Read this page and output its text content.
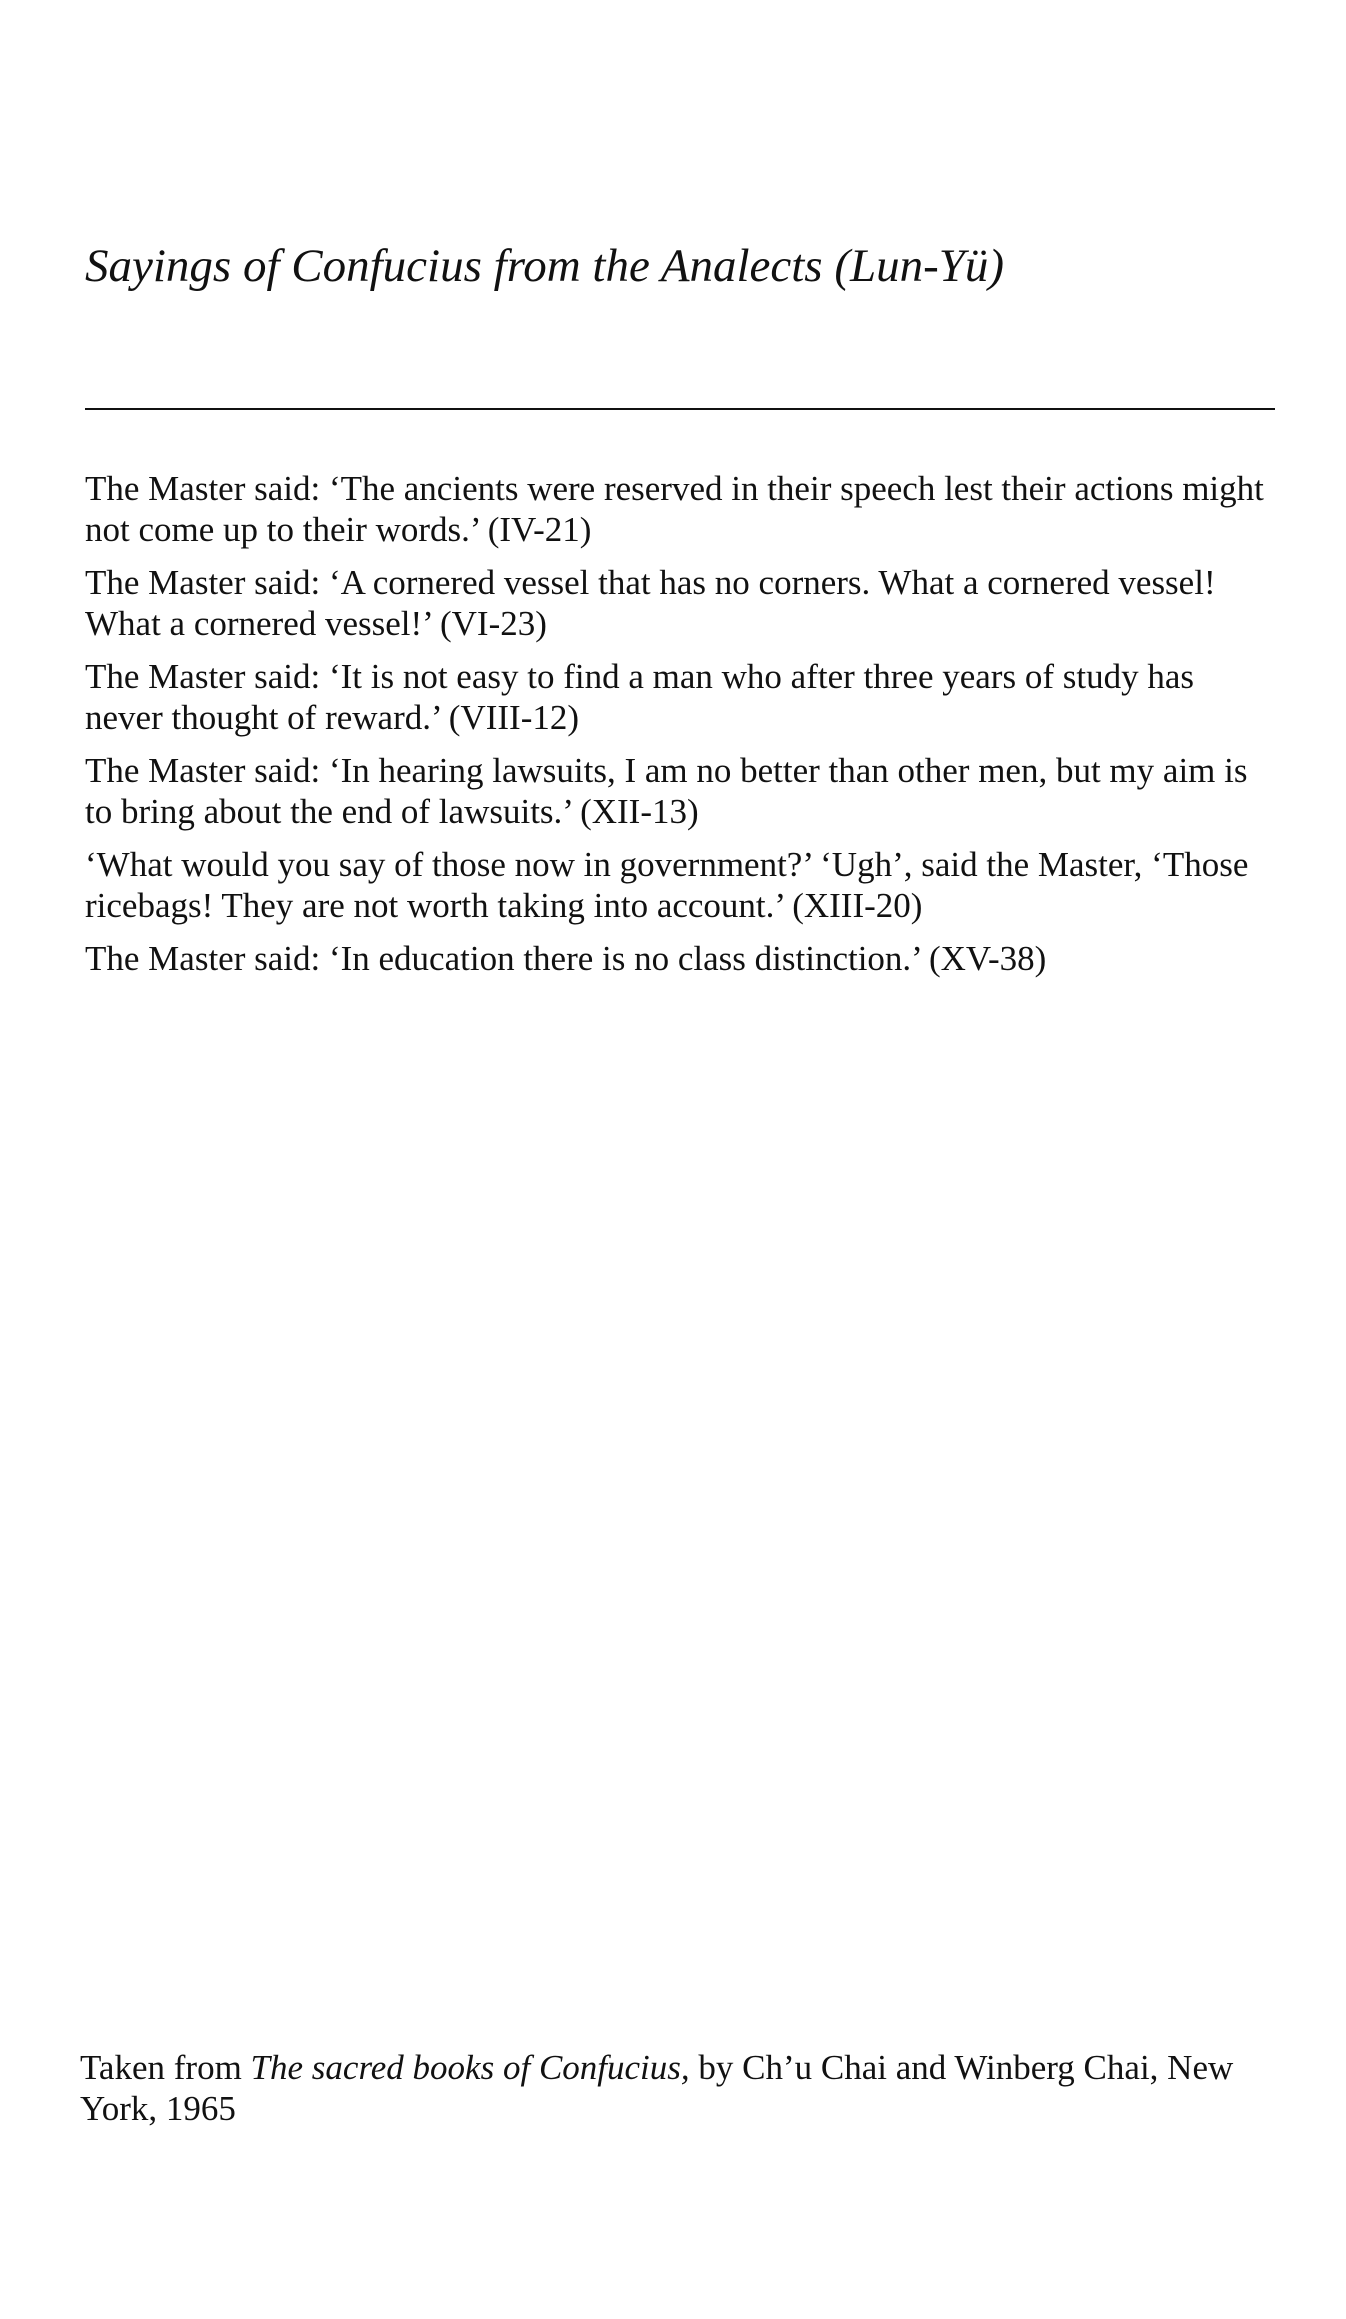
Sayings of Confucius from the Analects (Lun-Yü)
The Master said: ‘The ancients were reserved in their speech lest their actions might not come up to their words.’ (IV-21)
The Master said: ‘A cornered vessel that has no corners. What a cornered vessel! What a cornered vessel!’ (VI-23)
The Master said: ‘It is not easy to find a man who after three years of study has never thought of reward.’ (VIII-12)
The Master said: ‘In hearing lawsuits, I am no better than other men, but my aim is to bring about the end of lawsuits.’ (XII-13)
‘What would you say of those now in government?’ ‘Ugh’, said the Master, ‘Those ricebags! They are not worth taking into account.’ (XIII-20)
The Master said: ‘In education there is no class distinction.’ (XV-38)

Taken from The sacred books of Confucius, by Ch’u Chai and Winberg Chai, New York, 1965
